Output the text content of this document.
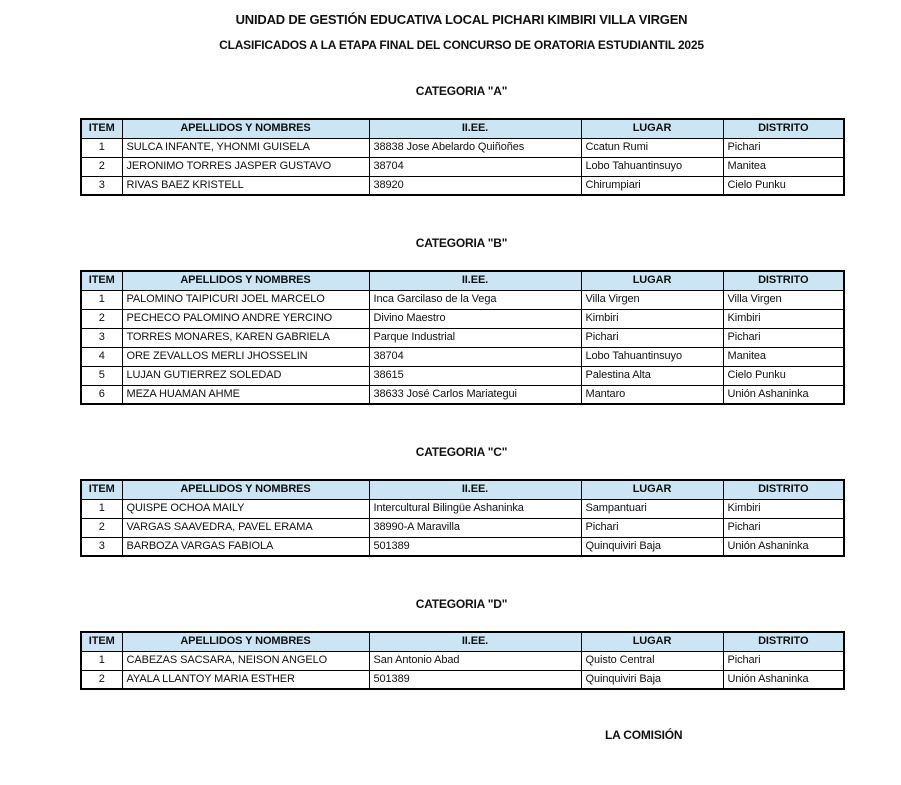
UNIDAD DE GESTIÓN EDUCATIVA LOCAL PICHARI KIMBIRI VILLA VIRGEN
CLASIFICADOS A LA ETAPA FINAL DEL CONCURSO DE ORATORIA ESTUDIANTIL 2025
CATEGORIA "A"
ITEM	APELLIDOS Y NOMBRES	II.EE.	LUGAR	DISTRITO
1	SULCA INFANTE, YHONMI GUISELA	38838 Jose Abelardo Quiñoñes	Ccatun Rumi	Pichari
2	JERONIMO TORRES JASPER GUSTAVO	38704	Lobo Tahuantinsuyo	Manitea
3	RIVAS BAEZ KRISTELL	38920	Chirumpiari	Cielo Punku
CATEGORIA "B"
ITEM	APELLIDOS Y NOMBRES	II.EE.	LUGAR	DISTRITO
1	PALOMINO TAIPICURI JOEL MARCELO	Inca Garcilaso de la Vega	Villa Virgen	Villa Virgen
2	PECHECO PALOMINO ANDRE YERCINO	Divino Maestro	Kimbiri	Kimbiri
3	TORRES MONARES, KAREN GABRIELA	Parque Industrial	Pichari	Pichari
4	ORE ZEVALLOS MERLI JHOSSELIN	38704	Lobo Tahuantinsuyo	Manitea
5	LUJAN GUTIERREZ SOLEDAD	38615	Palestina Alta	Cielo Punku
6	MEZA HUAMAN AHME	38633 José Carlos Mariategui	Mantaro	Unión Ashaninka
CATEGORIA "C"
ITEM	APELLIDOS Y NOMBRES	II.EE.	LUGAR	DISTRITO
1	QUISPE OCHOA MAILY	Intercultural Bilingüe Ashaninka	Sampantuari	Kimbiri
2	VARGAS SAAVEDRA, PAVEL ERAMA	38990-A Maravilla	Pichari	Pichari
3	BARBOZA VARGAS FABIOLA	501389	Quinquiviri Baja	Unión Ashaninka
CATEGORIA "D"
ITEM	APELLIDOS Y NOMBRES	II.EE.	LUGAR	DISTRITO
1	CABEZAS SACSARA, NEISON ANGELO	San Antonio Abad	Quisto Central	Pichari
2	AYALA LLANTOY MARIA ESTHER	501389	Quinquiviri Baja	Unión Ashaninka
LA COMISIÓN
